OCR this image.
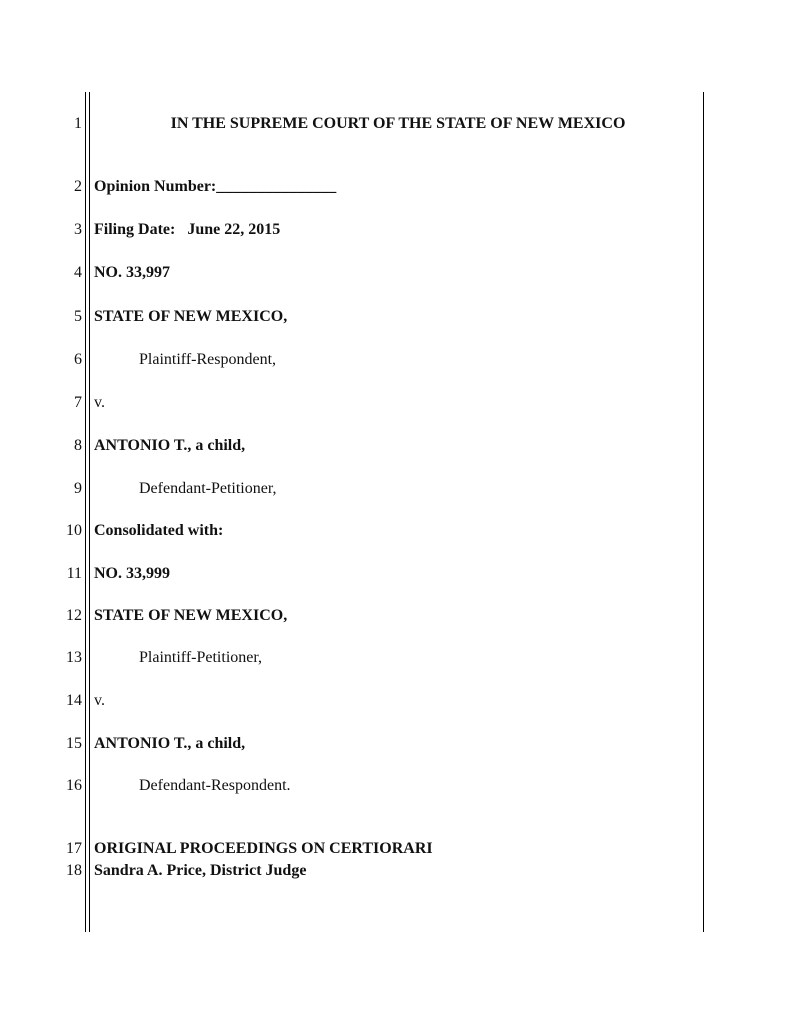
1
2
3
4
5
6
7
8
9
10
11
12
13
14
15
16
17
18
IN THE SUPREME COURT OF THE STATE OF NEW MEXICO
Opinion Number:_______________
Filing Date:   June 22, 2015
NO. 33,997
STATE OF NEW MEXICO,
Plaintiff-Respondent,
v.
ANTONIO T., a child,
Defendant-Petitioner,
Consolidated with:
NO. 33,999
STATE OF NEW MEXICO,
Plaintiff-Petitioner,
v.
ANTONIO T., a child,
Defendant-Respondent.
ORIGINAL PROCEEDINGS ON CERTIORARI
Sandra A. Price, District Judge
